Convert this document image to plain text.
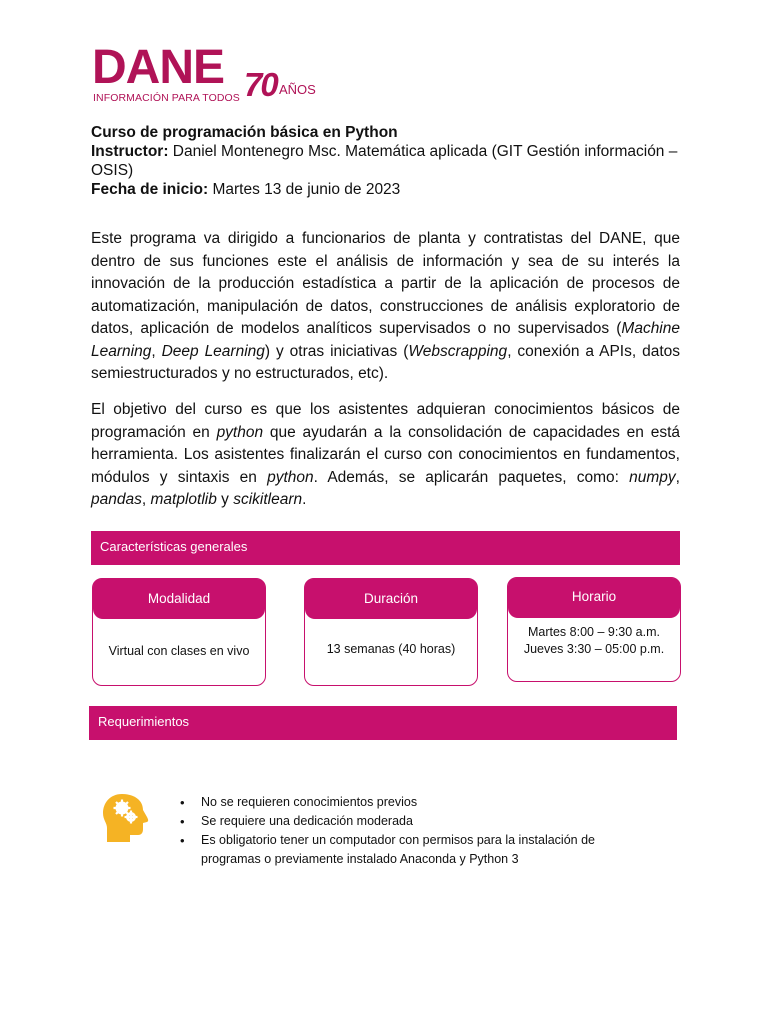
DANE
INFORMACIÓN PARA TODOS 70 AÑOS
Curso de programación básica en Python
Instructor: Daniel Montenegro Msc. Matemática aplicada (GIT Gestión información – OSIS)
Fecha de inicio: Martes 13 de junio de 2023
Este programa va dirigido a funcionarios de planta y contratistas del DANE, que dentro de sus funciones este el análisis de información y sea de su interés la innovación de la producción estadística a partir de la aplicación de procesos de automatización, manipulación de datos, construcciones de análisis exploratorio de datos, aplicación de modelos analíticos supervisados o no supervisados (Machine Learning, Deep Learning) y otras iniciativas (Webscrapping, conexión a APIs, datos semiestructurados y no estructurados, etc).
El objetivo del curso es que los asistentes adquieran conocimientos básicos de programación en python que ayudarán a la consolidación de capacidades en está herramienta. Los asistentes finalizarán el curso con conocimientos en fundamentos, módulos y sintaxis en python. Además, se aplicarán paquetes, como: numpy, pandas, matplotlib y scikitlearn.
Características generales
Modalidad
Virtual con clases en vivo
Duración
13 semanas (40 horas)
Horario
Martes 8:00 – 9:30 a.m.
Jueves 3:30 – 05:00 p.m.
Requerimientos
• No se requieren conocimientos previos
• Se requiere una dedicación moderada
• Es obligatorio tener un computador con permisos para la instalación de programas o previamente instalado Anaconda y Python 3
